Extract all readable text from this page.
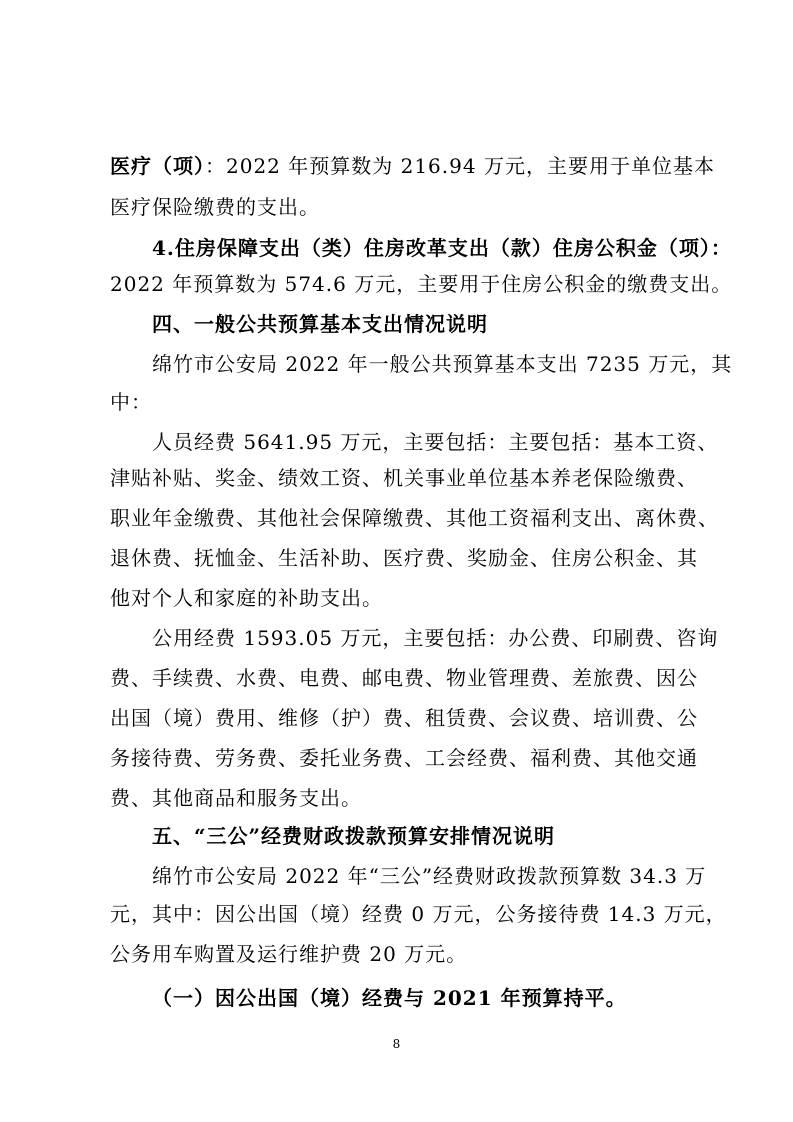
医疗（项）：2022 年预算数为 216.94 万元，主要用于单位基本
医疗保险缴费的支出。
4.住房保障支出（类）住房改革支出（款）住房公积金（项）：
2022 年预算数为 574.6 万元，主要用于住房公积金的缴费支出。
四、一般公共预算基本支出情况说明
绵竹市公安局 2022 年一般公共预算基本支出 7235 万元，其
中：
人员经费 5641.95 万元，主要包括：主要包括：基本工资、
津贴补贴、奖金、绩效工资、机关事业单位基本养老保险缴费、
职业年金缴费、其他社会保障缴费、其他工资福利支出、离休费、
退休费、抚恤金、生活补助、医疗费、奖励金、住房公积金、其
他对个人和家庭的补助支出。
公用经费 1593.05 万元，主要包括：办公费、印刷费、咨询
费、手续费、水费、电费、邮电费、物业管理费、差旅费、因公
出国（境）费用、维修（护）费、租赁费、会议费、培训费、公
务接待费、劳务费、委托业务费、工会经费、福利费、其他交通
费、其他商品和服务支出。
五、“三公”经费财政拨款预算安排情况说明
绵竹市公安局 2022 年“三公”经费财政拨款预算数 34.3 万
元，其中：因公出国（境）经费 0 万元，公务接待费 14.3 万元，
公务用车购置及运行维护费 20 万元。
（一）因公出国（境）经费与 2021 年预算持平。
8
